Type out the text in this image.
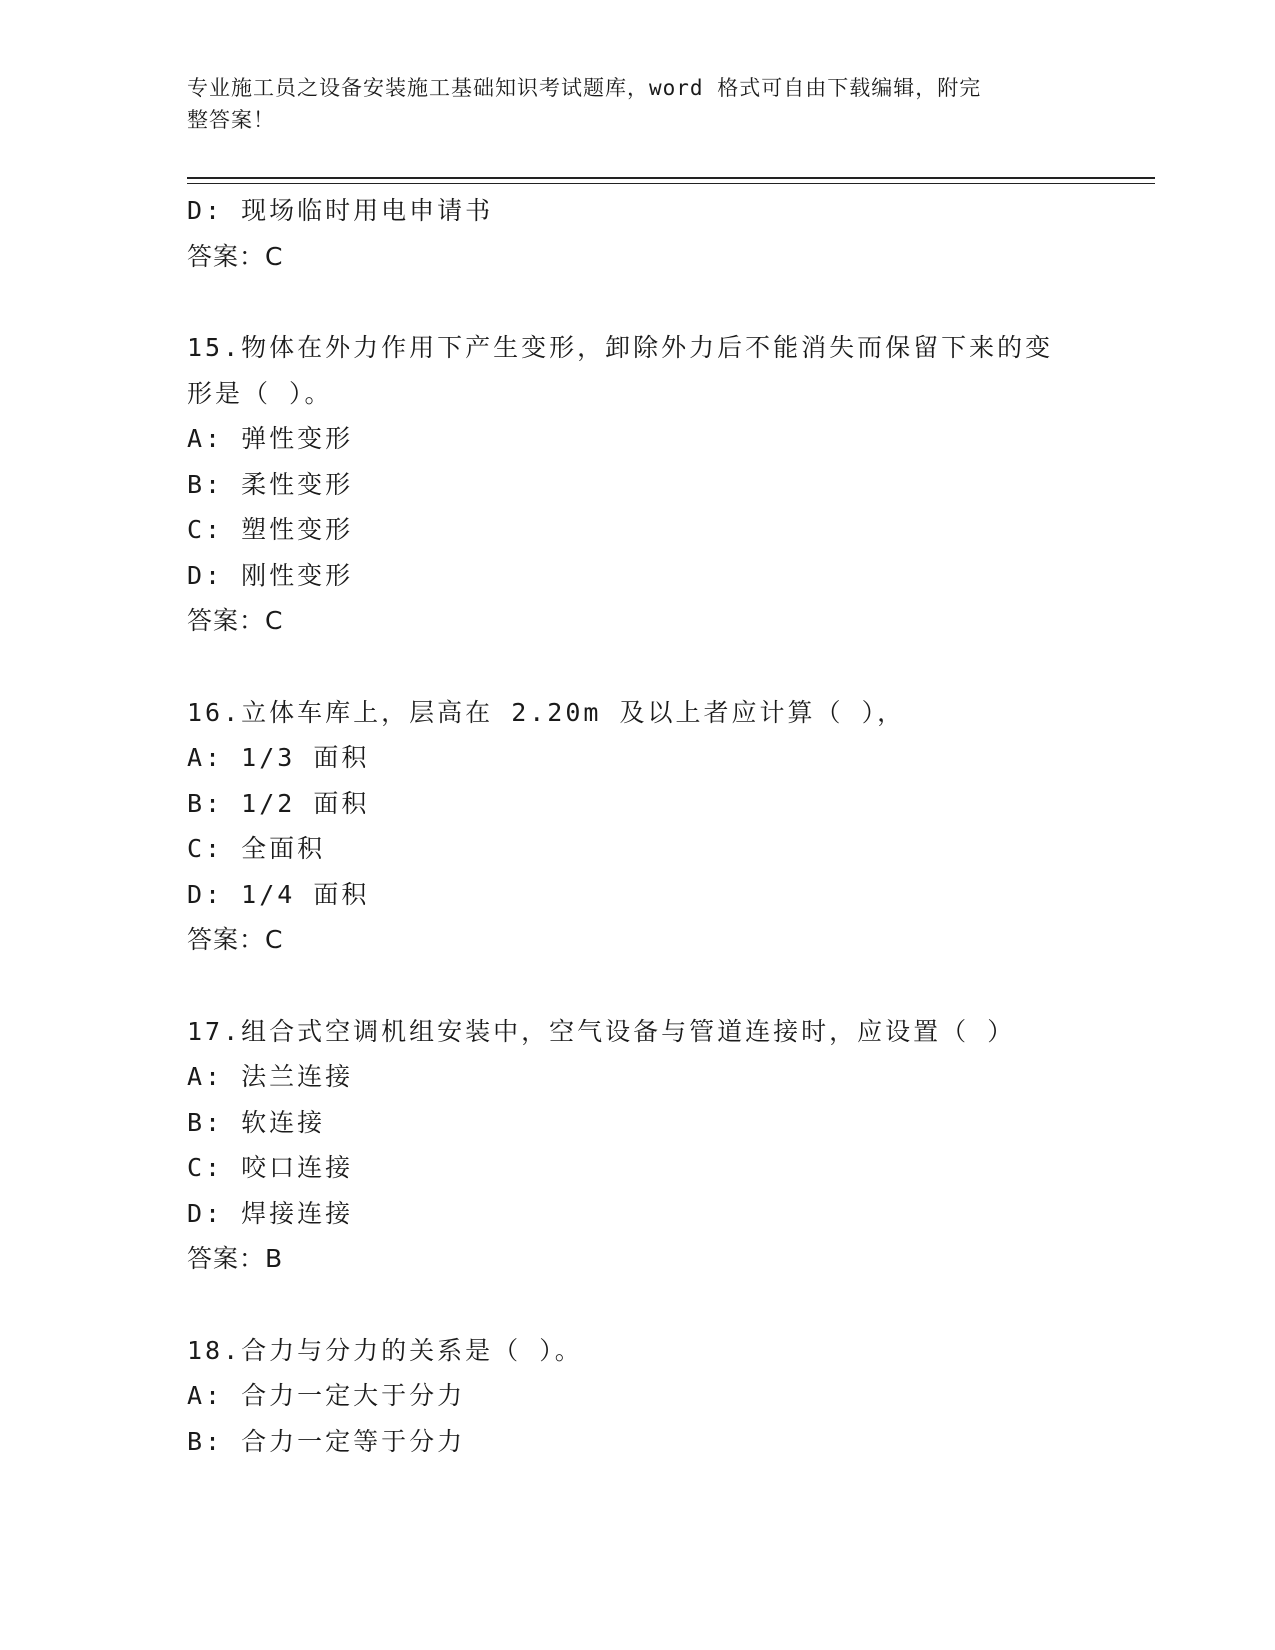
专业施工员之设备安装施工基础知识考试题库，word 格式可自由下载编辑，附完
整答案！
D: 现场临时用电申请书
答案：C
15.物体在外力作用下产生变形，卸除外力后不能消失而保留下来的变
形是（ ）。
A: 弹性变形
B: 柔性变形
C: 塑性变形
D: 刚性变形
答案：C
16.立体车库上，层高在 2.20m 及以上者应计算（ ），
A: 1/3 面积
B: 1/2 面积
C: 全面积
D: 1/4 面积
答案：C
17.组合式空调机组安装中，空气设备与管道连接时，应设置（ ）
A: 法兰连接
B: 软连接
C: 咬口连接
D: 焊接连接
答案：B
18.合力与分力的关系是（ ）。
A: 合力一定大于分力
B: 合力一定等于分力
